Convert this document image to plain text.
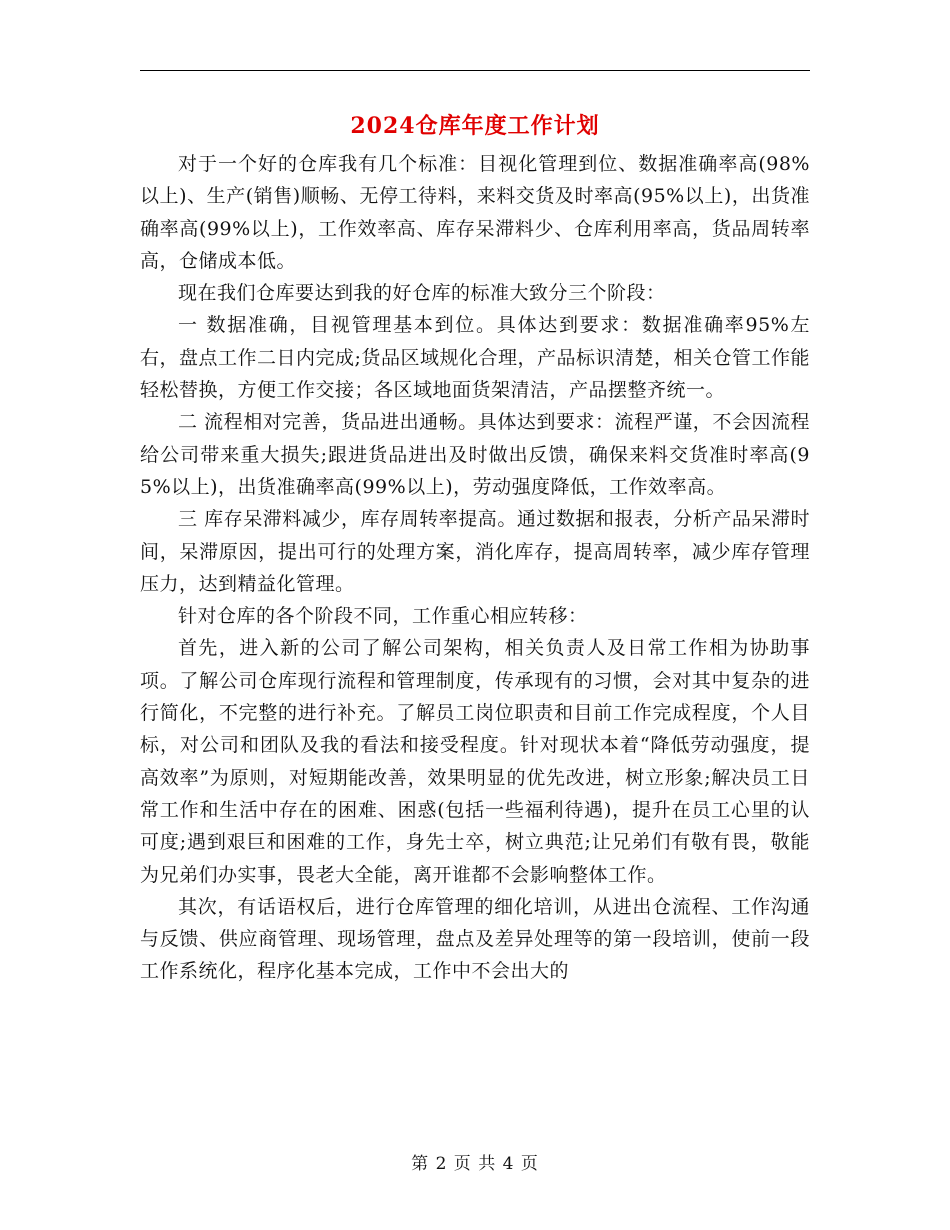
2024仓库年度工作计划

对于一个好的仓库我有几个标准：目视化管理到位、数据准确率高(98%以上)、生产(销售)顺畅、无停工待料，来料交货及时率高(95%以上)，出货准确率高(99%以上)，工作效率高、库存呆滞料少、仓库利用率高，货品周转率高，仓储成本低。

现在我们仓库要达到我的好仓库的标准大致分三个阶段：

一 数据准确，目视管理基本到位。具体达到要求：数据准确率95%左右，盘点工作二日内完成;货品区域规化合理，产品标识清楚，相关仓管工作能轻松替换，方便工作交接；各区域地面货架清洁，产品摆整齐统一。

二 流程相对完善，货品进出通畅。具体达到要求：流程严谨，不会因流程给公司带来重大损失;跟进货品进出及时做出反馈，确保来料交货准时率高(95%以上)，出货准确率高(99%以上)，劳动强度降低，工作效率高。

三 库存呆滞料减少，库存周转率提高。通过数据和报表，分析产品呆滞时间，呆滞原因，提出可行的处理方案，消化库存，提高周转率，减少库存管理压力，达到精益化管理。

针对仓库的各个阶段不同，工作重心相应转移：

首先，进入新的公司了解公司架构，相关负责人及日常工作相为协助事项。了解公司仓库现行流程和管理制度，传承现有的习惯，会对其中复杂的进行简化，不完整的进行补充。了解员工岗位职责和目前工作完成程度，个人目标，对公司和团队及我的看法和接受程度。针对现状本着“降低劳动强度，提高效率”为原则，对短期能改善，效果明显的优先改进，树立形象;解决员工日常工作和生活中存在的困难、困惑(包括一些福利待遇)，提升在员工心里的认可度;遇到艰巨和困难的工作，身先士卒，树立典范;让兄弟们有敬有畏，敬能为兄弟们办实事，畏老大全能，离开谁都不会影响整体工作。

其次，有话语权后，进行仓库管理的细化培训，从进出仓流程、工作沟通与反馈、供应商管理、现场管理，盘点及差异处理等的第一段培训，使前一段工作系统化，程序化基本完成，工作中不会出大的

第 2 页 共 4 页
